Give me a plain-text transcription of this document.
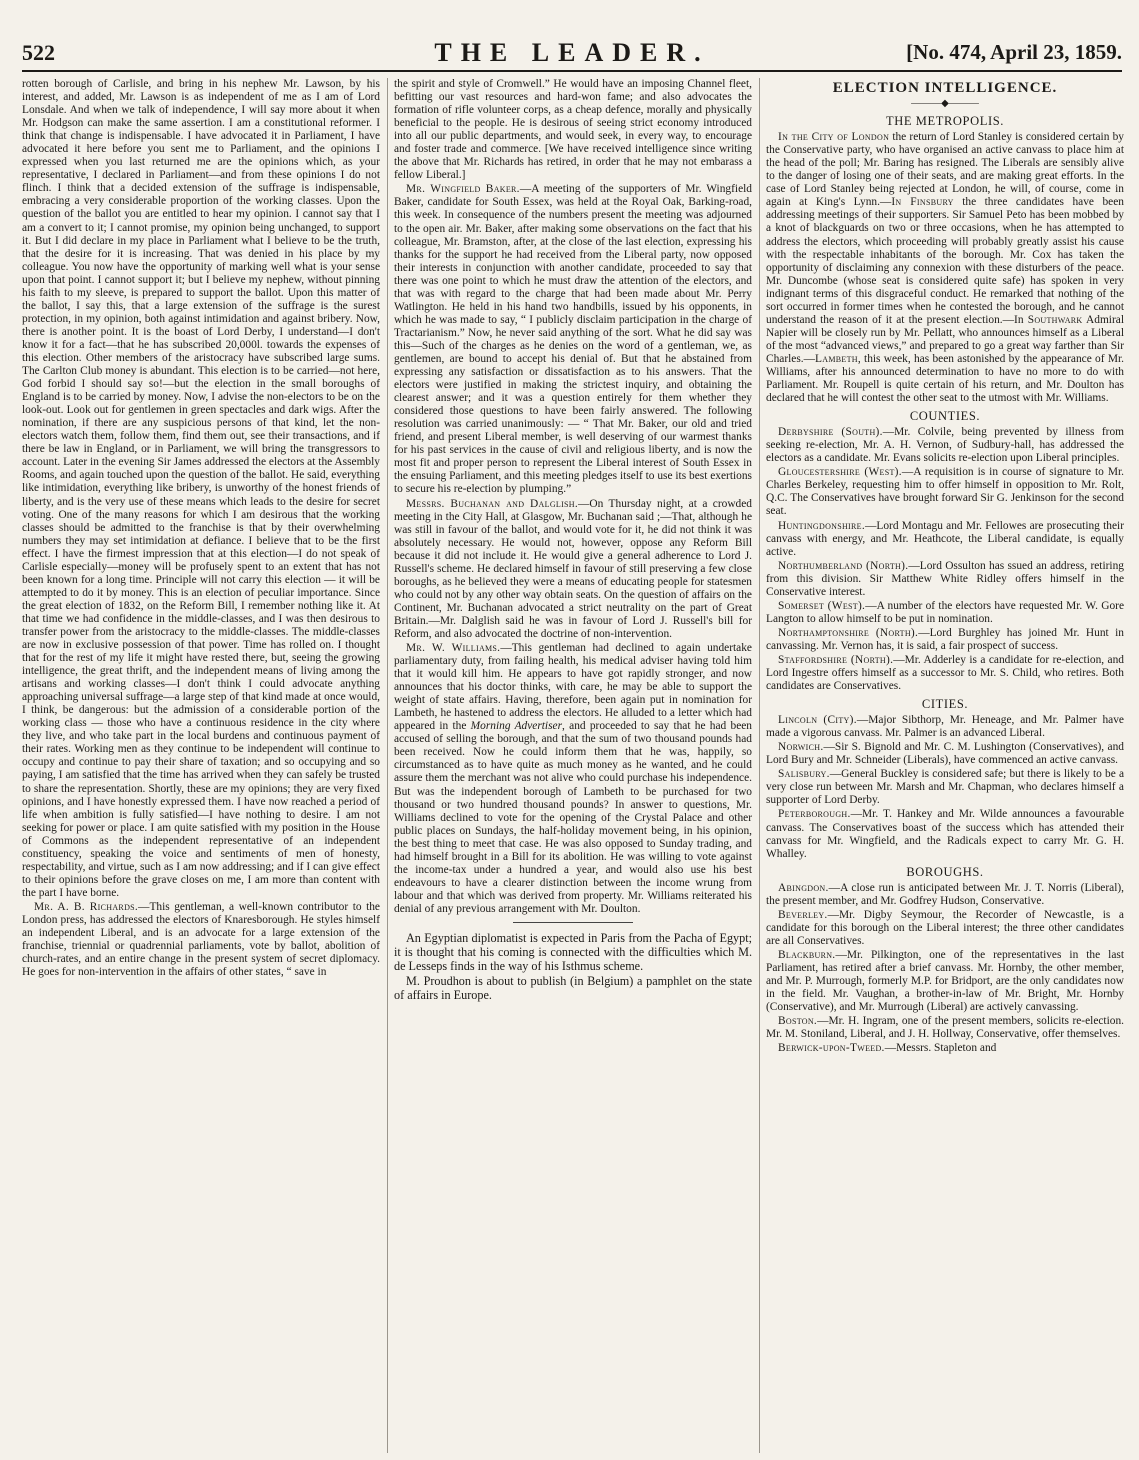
522	THE LEADER.	[No. 474, April 23, 1859.

rotten borough of Carlisle, and bring in his nephew Mr. Lawson, by his interest, and added, Mr. Lawson is as independent of me as I am of Lord Lonsdale. And when we talk of independence, I will say more about it when Mr. Hodgson can make the same assertion. I am a constitutional reformer. I think that change is indispensable. I have advocated it in Parliament, I have advocated it here before you sent me to Parliament, and the opinions I expressed when you last returned me are the opinions which, as your representative, I declared in Parliament—and from these opinions I do not flinch. I think that a decided extension of the suffrage is indispensable, embracing a very considerable proportion of the working classes. Upon the question of the ballot you are entitled to hear my opinion. I cannot say that I am a convert to it; I cannot promise, my opinion being unchanged, to support it. But I did declare in my place in Parliament what I believe to be the truth, that the desire for it is increasing. That was denied in his place by my colleague. You now have the opportunity of marking well what is your sense upon that point. I cannot support it; but I believe my nephew, without pinning his faith to my sleeve, is prepared to support the ballot. Upon this matter of the ballot, I say this, that a large extension of the suffrage is the surest protection, in my opinion, both against intimidation and against bribery. Now, there is another point. It is the boast of Lord Derby, I understand—I don't know it for a fact—that he has subscribed 20,000l. towards the expenses of this election. Other members of the aristocracy have subscribed large sums. The Carlton Club money is abundant. This election is to be carried—not here, God forbid I should say so!—but the election in the small boroughs of England is to be carried by money. Now, I advise the non-electors to be on the look-out. Look out for gentlemen in green spectacles and dark wigs. After the nomination, if there are any suspicious persons of that kind, let the non-electors watch them, follow them, find them out, see their transactions, and if there be law in England, or in Parliament, we will bring the transgressors to account. Later in the evening Sir James addressed the electors at the Assembly Rooms, and again touched upon the question of the ballot. He said, everything like intimidation, everything like bribery, is unworthy of the honest friends of liberty, and is the very use of these means which leads to the desire for secret voting. One of the many reasons for which I am desirous that the working classes should be admitted to the franchise is that by their overwhelming numbers they may set intimidation at defiance. I believe that to be the first effect. I have the firmest impression that at this election—I do not speak of Carlisle especially—money will be profusely spent to an extent that has not been known for a long time. Principle will not carry this election — it will be attempted to do it by money. This is an election of peculiar importance. Since the great election of 1832, on the Reform Bill, I remember nothing like it. At that time we had confidence in the middle-classes, and I was then desirous to transfer power from the aristocracy to the middle-classes. The middle-classes are now in exclusive possession of that power. Time has rolled on. I thought that for the rest of my life it might have rested there, but, seeing the growing intelligence, the great thrift, and the independent means of living among the artisans and working classes—I don't think I could advocate anything approaching universal suffrage—a large step of that kind made at once would, I think, be dangerous: but the admission of a considerable portion of the working class — those who have a continuous residence in the city where they live, and who take part in the local burdens and continuous payment of their rates. Working men as they continue to be independent will continue to occupy and continue to pay their share of taxation; and so occupying and so paying, I am satisfied that the time has arrived when they can safely be trusted to share the representation. Shortly, these are my opinions; they are very fixed opinions, and I have honestly expressed them. I have now reached a period of life when ambition is fully satisfied—I have nothing to desire. I am not seeking for power or place. I am quite satisfied with my position in the House of Commons as the independent representative of an independent constituency, speaking the voice and sentiments of men of honesty, respectability, and virtue, such as I am now addressing; and if I can give effect to their opinions before the grave closes on me, I am more than content with the part I have borne.

Mr. A. B. Richards.—This gentleman, a well-known contributor to the London press, has addressed the electors of Knaresborough. He styles himself an independent Liberal, and is an advocate for a large extension of the franchise, triennial or quadrennial parliaments, vote by ballot, abolition of church-rates, and an entire change in the present system of secret diplomacy. He goes for non-intervention in the affairs of other states, “ save in

the spirit and style of Cromwell.” He would have an imposing Channel fleet, befitting our vast resources and hard-won fame; and also advocates the formation of rifle volunteer corps, as a cheap defence, morally and physically beneficial to the people. He is desirous of seeing strict economy introduced into all our public departments, and would seek, in every way, to encourage and foster trade and commerce. [We have received intelligence since writing the above that Mr. Richards has retired, in order that he may not embarass a fellow Liberal.]

Mr. Wingfield Baker.—A meeting of the supporters of Mr. Wingfield Baker, candidate for South Essex, was held at the Royal Oak, Barking-road, this week. In consequence of the numbers present the meeting was adjourned to the open air. Mr. Baker, after making some observations on the fact that his colleague, Mr. Bramston, after, at the close of the last election, expressing his thanks for the support he had received from the Liberal party, now opposed their interests in conjunction with another candidate, proceeded to say that there was one point to which he must draw the attention of the electors, and that was with regard to the charge that had been made about Mr. Perry Watlington. He held in his hand two handbills, issued by his opponents, in which he was made to say, “ I publicly disclaim participation in the charge of Tractarianism.” Now, he never said anything of the sort. What he did say was this—Such of the charges as he denies on the word of a gentleman, we, as gentlemen, are bound to accept his denial of. But that he abstained from expressing any satisfaction or dissatisfaction as to his answers. That the electors were justified in making the strictest inquiry, and obtaining the clearest answer; and it was a question entirely for them whether they considered those questions to have been fairly answered. The following resolution was carried unanimously: — “ That Mr. Baker, our old and tried friend, and present Liberal member, is well deserving of our warmest thanks for his past services in the cause of civil and religious liberty, and is now the most fit and proper person to represent the Liberal interest of South Essex in the ensuing Parliament, and this meeting pledges itself to use its best exertions to secure his re-election by plumping.”

Messrs. Buchanan and Dalglish.—On Thursday night, at a crowded meeting in the City Hall, at Glasgow, Mr. Buchanan said ;—That, although he was still in favour of the ballot, and would vote for it, he did not think it was absolutely necessary. He would not, however, oppose any Reform Bill because it did not include it. He would give a general adherence to Lord J. Russell's scheme. He declared himself in favour of still preserving a few close boroughs, as he believed they were a means of educating people for statesmen who could not by any other way obtain seats. On the question of affairs on the Continent, Mr. Buchanan advocated a strict neutrality on the part of Great Britain.—Mr. Dalglish said he was in favour of Lord J. Russell's bill for Reform, and also advocated the doctrine of non-intervention.

Mr. W. Williams.—This gentleman had declined to again undertake parliamentary duty, from failing health, his medical adviser having told him that it would kill him. He appears to have got rapidly stronger, and now announces that his doctor thinks, with care, he may be able to support the weight of state affairs. Having, therefore, been again put in nomination for Lambeth, he hastened to address the electors. He alluded to a letter which had appeared in the Morning Advertiser, and proceeded to say that he had been accused of selling the borough, and that the sum of two thousand pounds had been received. Now he could inform them that he was, happily, so circumstanced as to have quite as much money as he wanted, and he could assure them the merchant was not alive who could purchase his independence. But was the independent borough of Lambeth to be purchased for two thousand or two hundred thousand pounds? In answer to questions, Mr. Williams declined to vote for the opening of the Crystal Palace and other public places on Sundays, the half-holiday movement being, in his opinion, the best thing to meet that case. He was also opposed to Sunday trading, and had himself brought in a Bill for its abolition. He was willing to vote against the income-tax under a hundred a year, and would also use his best endeavours to have a clearer distinction between the income wrung from labour and that which was derived from property. Mr. Williams reiterated his denial of any previous arrangement with Mr. Doulton.

An Egyptian diplomatist is expected in Paris from the Pacha of Egypt; it is thought that his coming is connected with the difficulties which M. de Lesseps finds in the way of his Isthmus scheme.

M. Proudhon is about to publish (in Belgium) a pamphlet on the state of affairs in Europe.

ELECTION INTELLIGENCE.
———◆———
THE METROPOLIS.

In the City of London the return of Lord Stanley is considered certain by the Conservative party, who have organised an active canvass to place him at the head of the poll; Mr. Baring has resigned. The Liberals are sensibly alive to the danger of losing one of their seats, and are making great efforts. In the case of Lord Stanley being rejected at London, he will, of course, come in again at King's Lynn.—In Finsbury the three candidates have been addressing meetings of their supporters. Sir Samuel Peto has been mobbed by a knot of blackguards on two or three occasions, when he has attempted to address the electors, which proceeding will probably greatly assist his cause with the respectable inhabitants of the borough. Mr. Cox has taken the opportunity of disclaiming any connexion with these disturbers of the peace. Mr. Duncombe (whose seat is considered quite safe) has spoken in very indignant terms of this disgraceful conduct. He remarked that nothing of the sort occurred in former times when he contested the borough, and he cannot understand the reason of it at the present election.—In Southwark Admiral Napier will be closely run by Mr. Pellatt, who announces himself as a Liberal of the most “advanced views,” and prepared to go a great way farther than Sir Charles.—Lambeth, this week, has been astonished by the appearance of Mr. Williams, after his announced determination to have no more to do with Parliament. Mr. Roupell is quite certain of his return, and Mr. Doulton has declared that he will contest the other seat to the utmost with Mr. Williams.

COUNTIES.

Derbyshire (South).—Mr. Colvile, being prevented by illness from seeking re-election, Mr. A. H. Vernon, of Sudbury-hall, has addressed the electors as a candidate. Mr. Evans solicits re-election upon Liberal principles.

Gloucestershire (West).—A requisition is in course of signature to Mr. Charles Berkeley, requesting him to offer himself in opposition to Mr. Rolt, Q.C. The Conservatives have brought forward Sir G. Jenkinson for the second seat.

Huntingdonshire.—Lord Montagu and Mr. Fellowes are prosecuting their canvass with energy, and Mr. Heathcote, the Liberal candidate, is equally active.

Northumberland (North).—Lord Ossulton has ssued an address, retiring from this division. Sir Matthew White Ridley offers himself in the Conservative interest.

Somerset (West).—A number of the electors have requested Mr. W. Gore Langton to allow himself to be put in nomination.

Northamptonshire (North).—Lord Burghley has joined Mr. Hunt in canvassing. Mr. Vernon has, it is said, a fair prospect of success.

Staffordshire (North).—Mr. Adderley is a candidate for re-election, and Lord Ingestre offers himself as a successor to Mr. S. Child, who retires. Both candidates are Conservatives.

CITIES.

Lincoln (City).—Major Sibthorp, Mr. Heneage, and Mr. Palmer have made a vigorous canvass. Mr. Palmer is an advanced Liberal.

Norwich.—Sir S. Bignold and Mr. C. M. Lushington (Conservatives), and Lord Bury and Mr. Schneider (Liberals), have commenced an active canvass.

Salisbury.—General Buckley is considered safe; but there is likely to be a very close run between Mr. Marsh and Mr. Chapman, who declares himself a supporter of Lord Derby.

Peterborough.—Mr. T. Hankey and Mr. Wilde announces a favourable canvass. The Conservatives boast of the success which has attended their canvass for Mr. Wingfield, and the Radicals expect to carry Mr. G. H. Whalley.

BOROUGHS.

Abingdon.—A close run is anticipated between Mr. J. T. Norris (Liberal), the present member, and Mr. Godfrey Hudson, Conservative.

Beverley.—Mr. Digby Seymour, the Recorder of Newcastle, is a candidate for this borough on the Liberal interest; the three other candidates are all Conservatives.

Blackburn.—Mr. Pilkington, one of the representatives in the last Parliament, has retired after a brief canvass. Mr. Hornby, the other member, and Mr. P. Murrough, formerly M.P. for Bridport, are the only candidates now in the field. Mr. Vaughan, a brother-in-law of Mr. Bright, Mr. Hornby (Conservative), and Mr. Murrough (Liberal) are actively canvassing.

Boston.—Mr. H. Ingram, one of the present members, solicits re-election. Mr. M. Stoniland, Liberal, and J. H. Hollway, Conservative, offer themselves.

Berwick-upon-Tweed.—Messrs. Stapleton and
